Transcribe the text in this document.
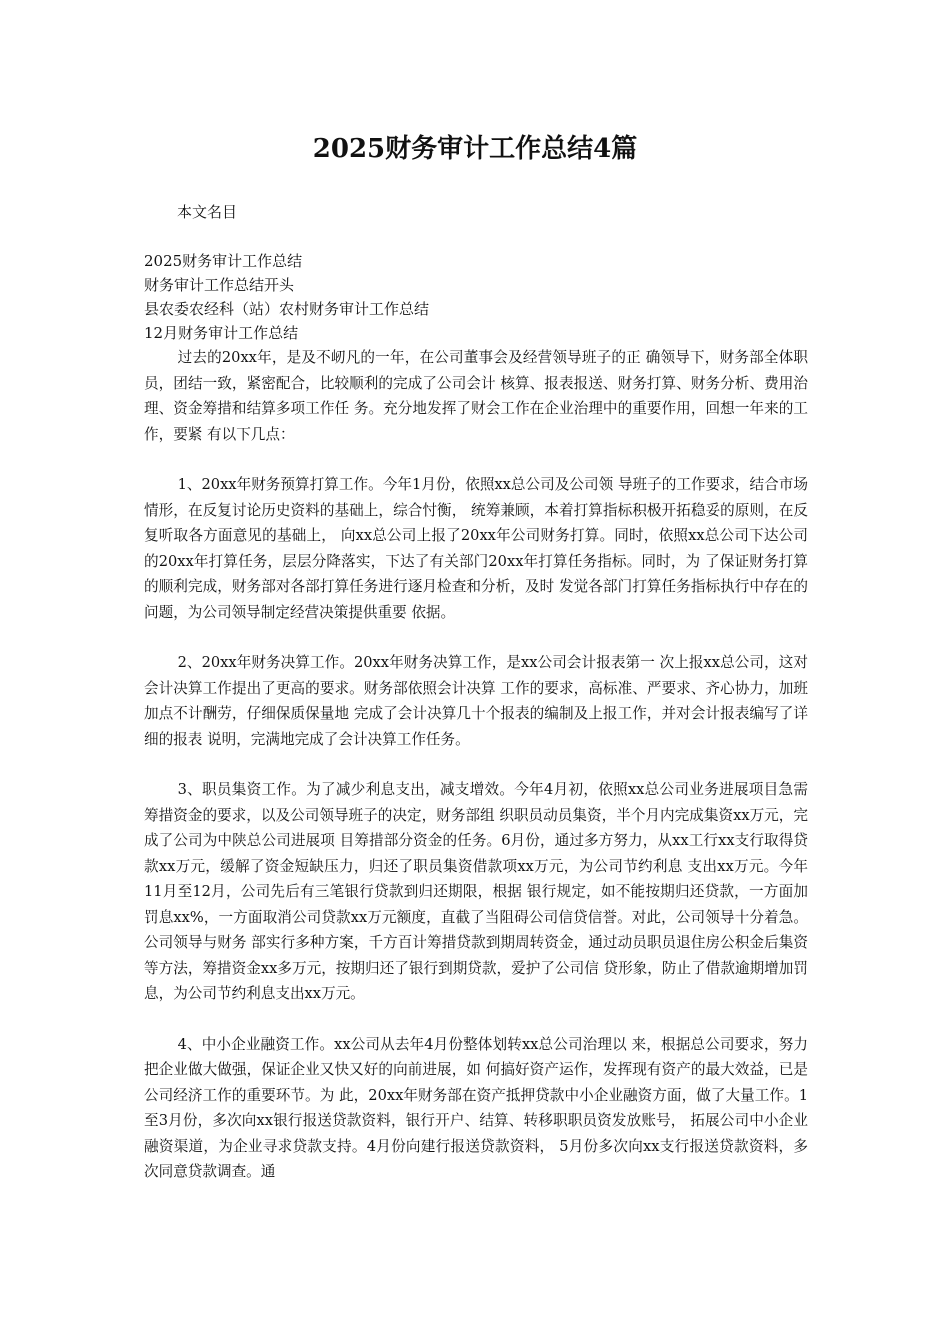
2025财务审计工作总结4篇
本文名目
2025财务审计工作总结
财务审计工作总结开头
县农委农经科（站）农村财务审计工作总结
12月财务审计工作总结

过去的20xx年，是及不屻凡的一年，在公司董事会及经营领导班子的正 确领导下，财务部全体职员，团结一致，紧密配合，比较顺利的完成了公司会计 核算、报表报送、财务打算、财务分析、费用治理、资金筹措和结算多项工作任 务。充分地发挥了财会工作在企业治理中的重要作用，回想一年来的工作，要紧 有以下几点：

1、20xx年财务预算打算工作。今年1月份，依照xx总公司及公司领 导班子的工作要求，结合市场情形，在反复讨论历史资料的基础上，综合忖衡， 统筹兼顾，本着打算指标积极开拓稳妥的原则，在反复听取各方面意见的基础上， 向xx总公司上报了20xx年公司财务打算。同时，依照xx总公司下达公司的20xx年打算任务，层层分降落实，下达了有关部门20xx年打算任务指标。同时，为 了保证财务打算的顺利完成，财务部对各部打算任务进行逐月检查和分析，及时 发觉各部门打算任务指标执行中存在的问题，为公司领导制定经营决策提供重要 依据。

2、20xx年财务决算工作。20xx年财务决算工作，是xx公司会计报表第一 次上报xx总公司，这对会计决算工作提出了更高的要求。财务部依照会计决算 工作的要求，高标准、严要求、齐心协力，加班加点不计酬劳，仔细保质保量地 完成了会计决算几十个报表的编制及上报工作，并对会计报表编写了详细的报表 说明，完满地完成了会计决算工作任务。

3、职员集资工作。为了减少利息支出，减支增效。今年4月初，依照xx总公司业务进展项目急需筹措资金的要求，以及公司领导班子的决定，财务部组 织职员动员集资，半个月内完成集资xx万元，完成了公司为中陕总公司进展项 目筹措部分资金的任务。6月份，通过多方努力，从xx工行xx支行取得贷款xx万元，缓解了资金短缺压力，归还了职员集资借款项xx万元，为公司节约利息 支出xx万元。今年11月至12月，公司先后有三笔银行贷款到归还期限，根据 银行规定，如不能按期归还贷款，一方面加罚息xx%，一方面取消公司贷款xx万元额度，直截了当阻碍公司信贷信誉。对此，公司领导十分着急。公司领导与财务 部实行多种方案，千方百计筹措贷款到期周转资金，通过动员职员退住房公积金后集资等方法，筹措资金xx多万元，按期归还了银行到期贷款，爱护了公司信 贷形象，防止了借款逾期增加罚息，为公司节约利息支出xx万元。

4、中小企业融资工作。xx公司从去年4月份整体划转xx总公司治理以 来，根据总公司要求，努力把企业做大做强，保证企业又快又好的向前进展，如 何搞好资产运作，发挥现有资产的最大效益，已是公司经济工作的重要环节。为 此，20xx年财务部在资产抵押贷款中小企业融资方面，做了大量工作。1至3月份，多次向xx银行报送贷款资料，银行开户、结算、转移职职员资发放账号， 拓展公司中小企业融资渠道，为企业寻求贷款支持。4月份向建行报送贷款资料， 5月份多次向xx支行报送贷款资料，多次同意贷款调查。通
